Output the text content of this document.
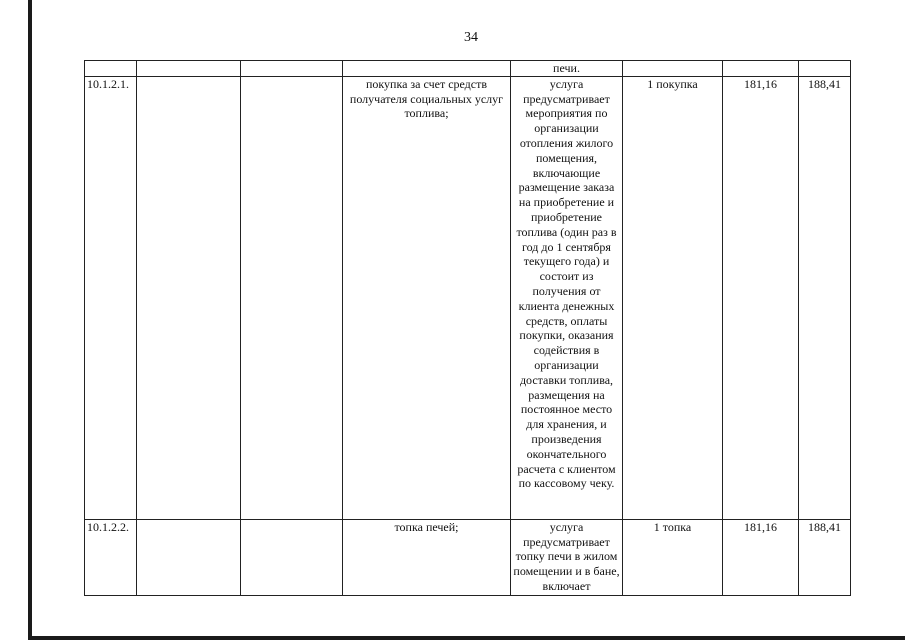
34
				печи.			
10.1.2.1.			покупка за счет средств получателя социальных услуг топлива;	услуга предусматривает мероприятия по организации отопления жилого помещения, включающие размещение заказа на приобретение и приобретение топлива (один раз в год до 1 сентября текущего года) и состоит из получения от клиента денежных средств, оплаты покупки, оказания содействия в организации доставки топлива, размещения на постоянное место для хранения, и произведения окончательного расчета с клиентом по кассовому чеку.	1 покупка	181,16	188,41
10.1.2.2.			топка печей;	услуга предусматривает топку печи в жилом помещении и в бане, включает	1 топка	181,16	188,41
